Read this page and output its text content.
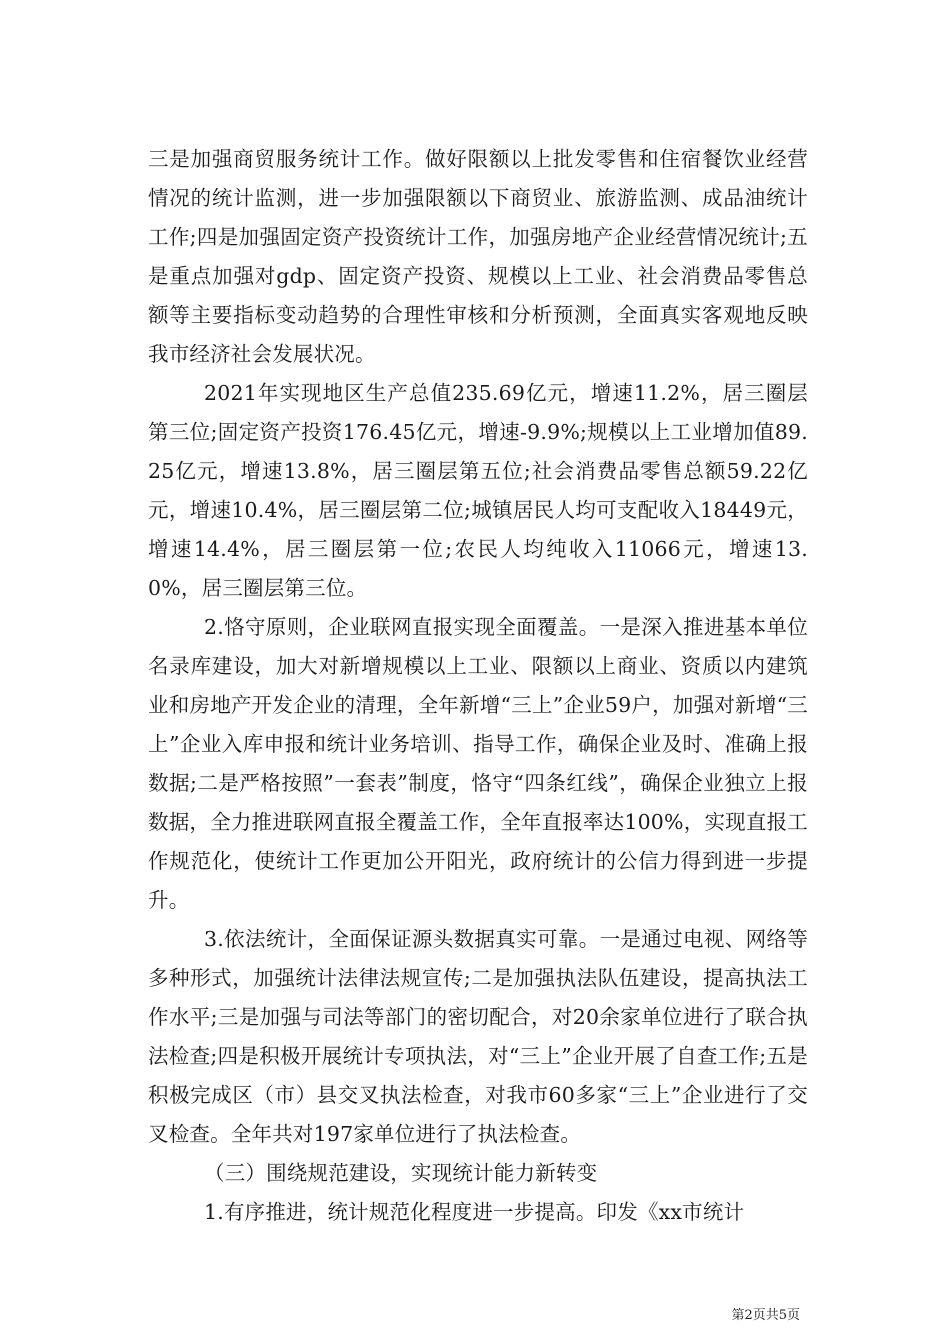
三是加强商贸服务统计工作。做好限额以上批发零售和住宿餐饮业经营情况的统计监测，进一步加强限额以下商贸业、旅游监测、成品油统计工作;四是加强固定资产投资统计工作，加强房地产企业经营情况统计;五是重点加强对gdp、固定资产投资、规模以上工业、社会消费品零售总额等主要指标变动趋势的合理性审核和分析预测，全面真实客观地反映我市经济社会发展状况。

2021年实现地区生产总值235.69亿元，增速11.2%，居三圈层第三位;固定资产投资176.45亿元，增速-9.9%;规模以上工业增加值89.25亿元，增速13.8%，居三圈层第五位;社会消费品零售总额59.22亿元，增速10.4%，居三圈层第二位;城镇居民人均可支配收入18449元，增速14.4%，居三圈层第一位;农民人均纯收入11066元，增速13.0%，居三圈层第三位。

2.恪守原则，企业联网直报实现全面覆盖。一是深入推进基本单位名录库建设，加大对新增规模以上工业、限额以上商业、资质以内建筑业和房地产开发企业的清理，全年新增“三上”企业59户，加强对新增“三上”企业入库申报和统计业务培训、指导工作，确保企业及时、准确上报数据;二是严格按照”一套表”制度，恪守“四条红线”，确保企业独立上报数据，全力推进联网直报全覆盖工作，全年直报率达100%，实现直报工作规范化，使统计工作更加公开阳光，政府统计的公信力得到进一步提升。

3.依法统计，全面保证源头数据真实可靠。一是通过电视、网络等多种形式，加强统计法律法规宣传;二是加强执法队伍建设，提高执法工作水平;三是加强与司法等部门的密切配合，对20余家单位进行了联合执法检查;四是积极开展统计专项执法，对“三上”企业开展了自查工作;五是积极完成区（市）县交叉执法检查，对我市60多家“三上”企业进行了交叉检查。全年共对197家单位进行了执法检查。

（三）围绕规范建设，实现统计能力新转变

1.有序推进，统计规范化程度进一步提高。印发《xx市统计

第2页共5页
